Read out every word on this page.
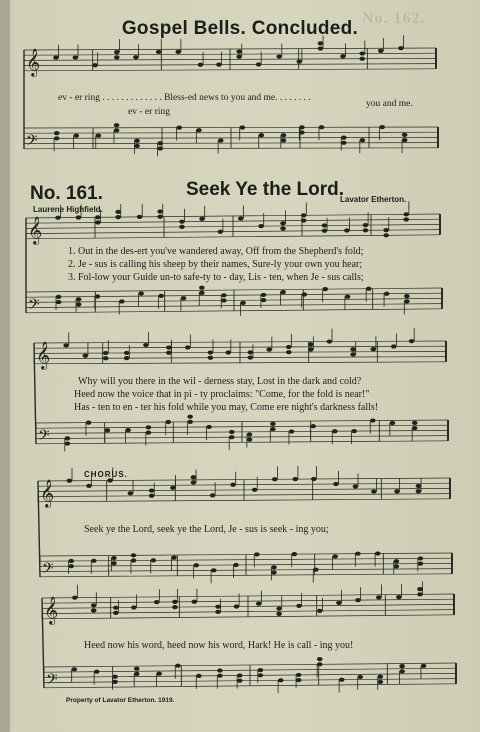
No. 162.
Gospel Bells. Concluded.
𝄞
𝄢
𝄞
𝄢
𝄞
𝄢
𝄞
𝄢
𝄞
𝄢
ev - er ring . . . . . . . . . . . . . Bless-ed news to you and me. . . . . . . .
ev - er ring
you and me.
No. 161.	Seek Ye the Lord.
Laurene Highfield.
Lavator Etherton.
1. Out in the des-ert you've wandered away, Off from the Shepherd's fold;
2. Je - sus is calling his sheep by their names, Sure-ly your own you hear;
3. Fol-low your Guide un-to safe-ty to - day, Lis - ten, when Je - sus calls;
Why will you there in the wil - derness stay, Lost in the dark and cold?
Heed now the voice that in pi - ty proclaims: "Come, for the fold is near!"
Has - ten to en - ter his fold while you may, Come ere night's darkness falls!
CHORUS.
Seek ye the Lord, seek ye the Lord, Je - sus is seek - ing you;
Heed now his word, heed now his word, Hark! He is call - ing you!
Property of Lavator Etherton. 1919.
